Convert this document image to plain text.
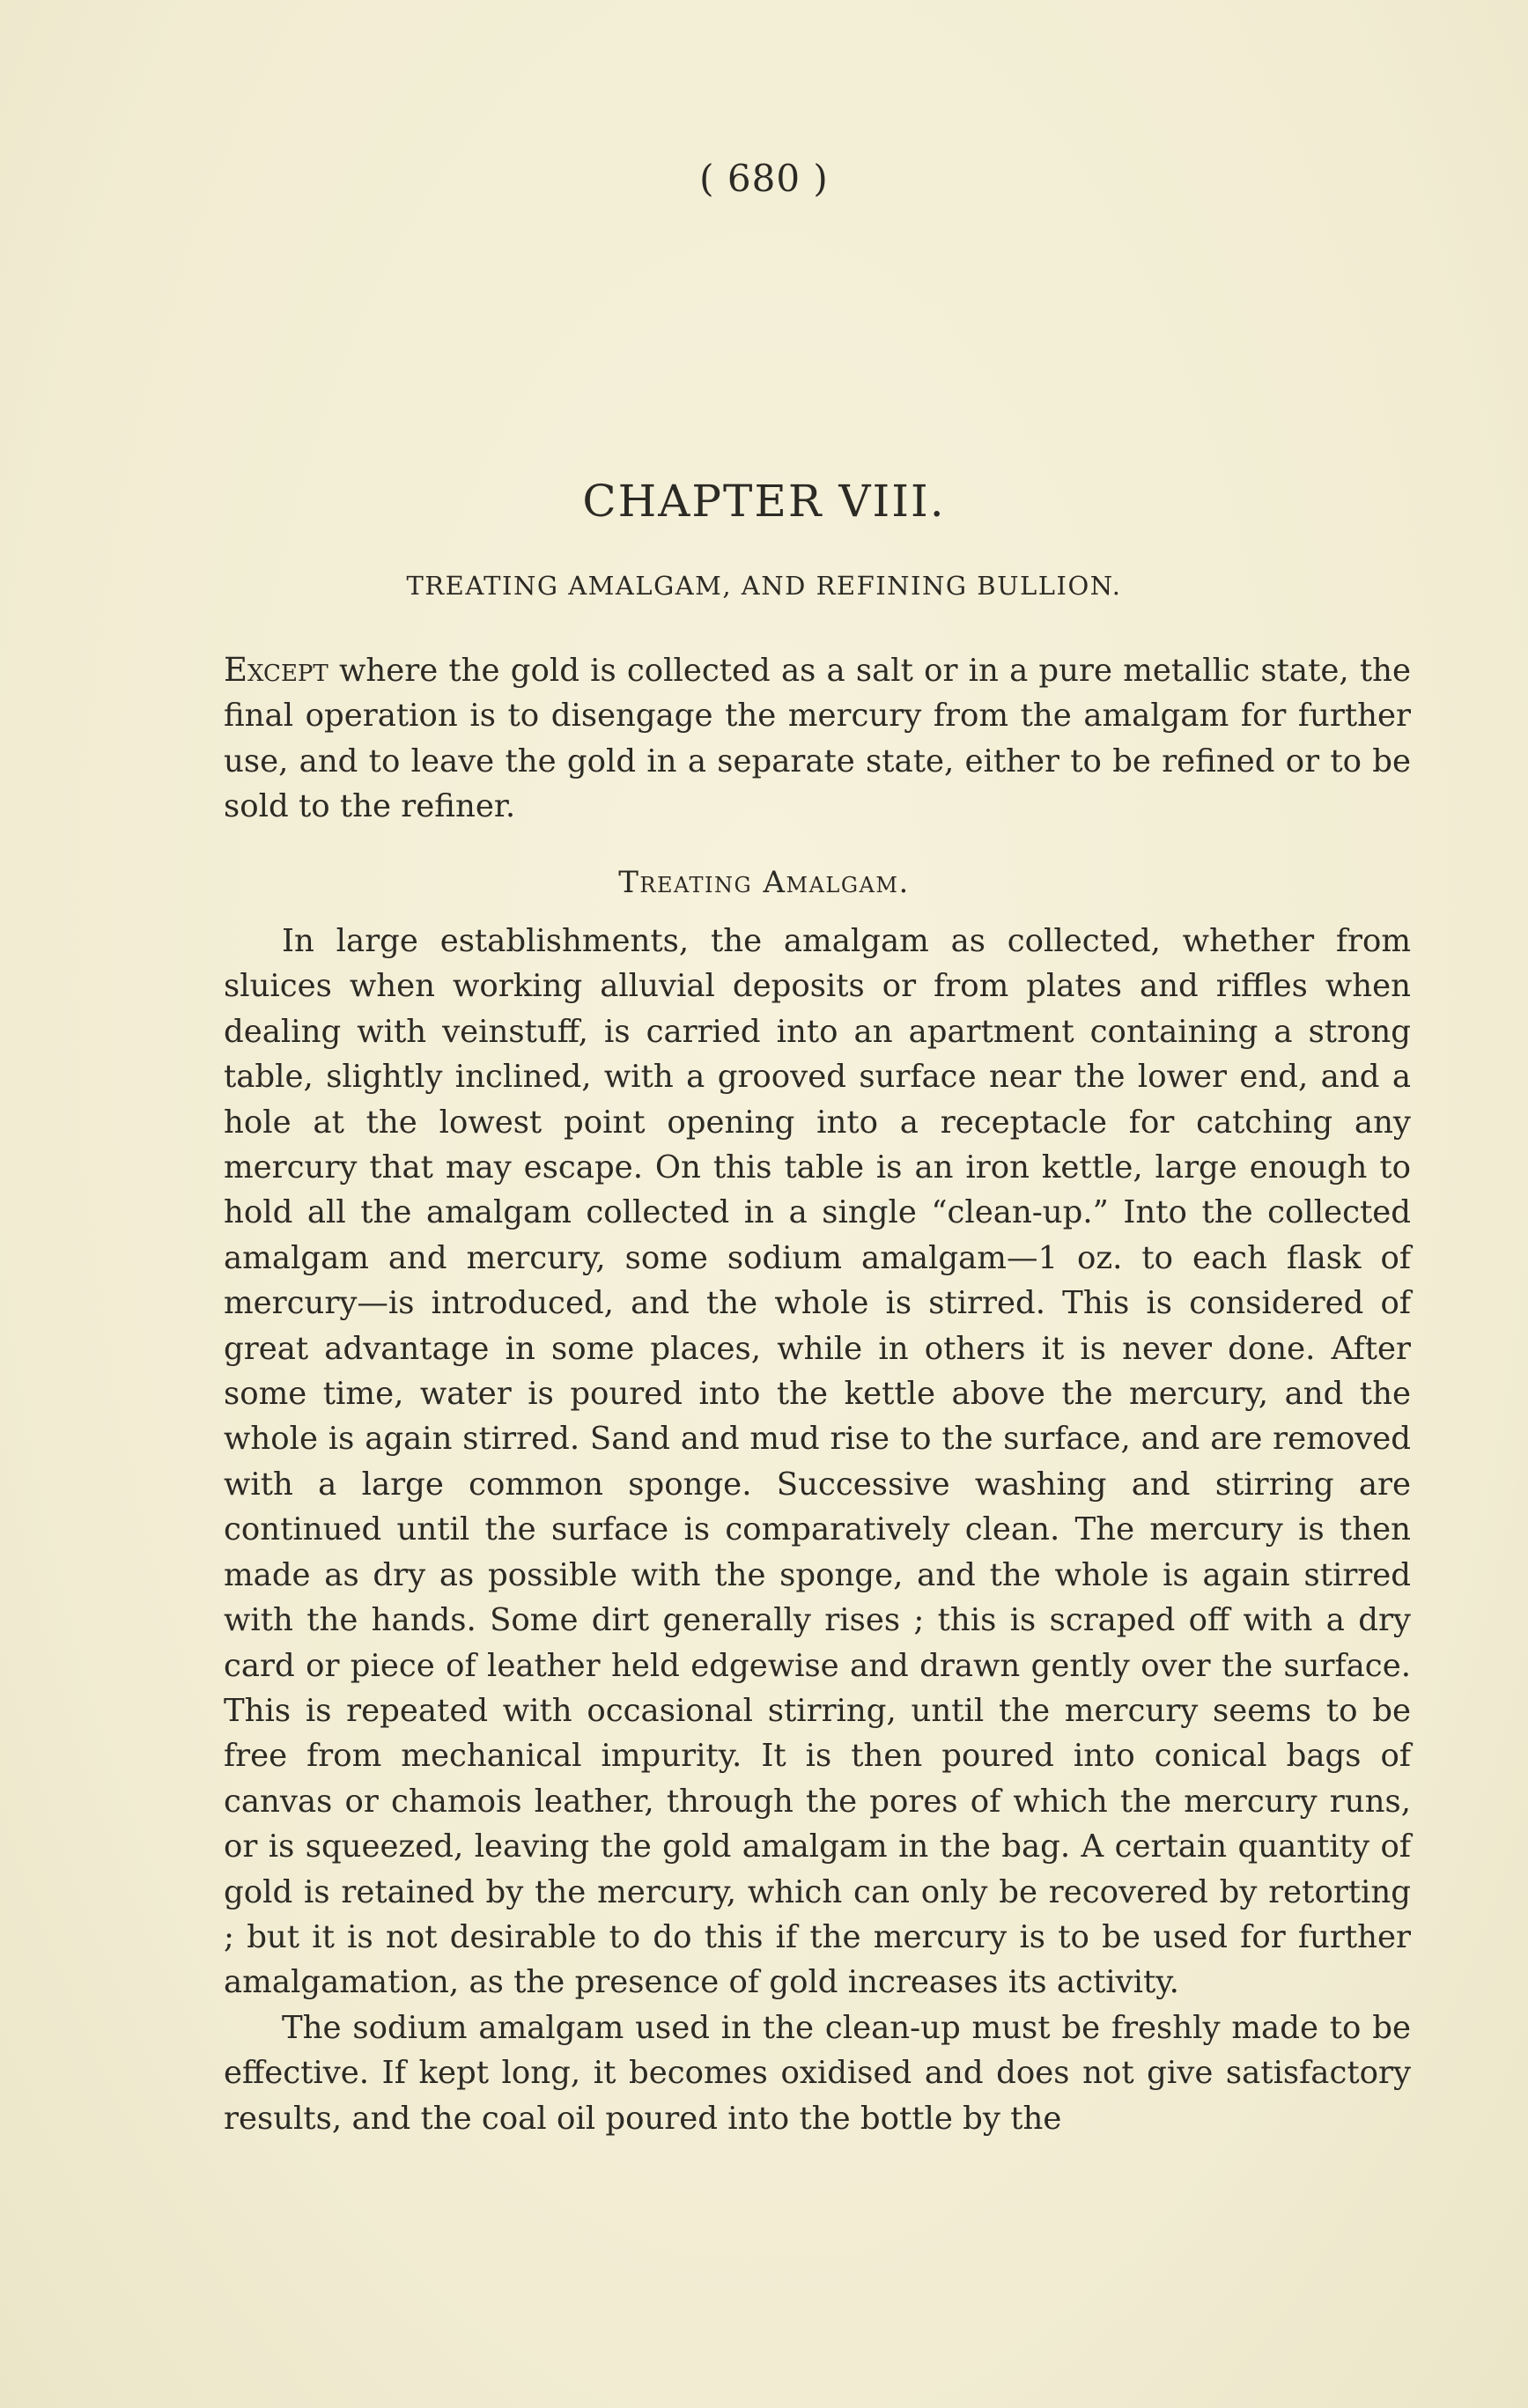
( 680 )
CHAPTER VIII.
TREATING AMALGAM, AND REFINING BULLION.

Except where the gold is collected as a salt or in a pure metallic state, the final operation is to disengage the mercury from the amalgam for further use, and to leave the gold in a separate state, either to be refined or to be sold to the refiner.

Treating Amalgam.

In large establishments, the amalgam as collected, whether from sluices when working alluvial deposits or from plates and riffles when dealing with veinstuff, is carried into an apartment containing a strong table, slightly inclined, with a grooved surface near the lower end, and a hole at the lowest point opening into a receptacle for catching any mercury that may escape. On this table is an iron kettle, large enough to hold all the amalgam collected in a single “clean-up.” Into the collected amalgam and mercury, some sodium amalgam—1 oz. to each flask of mercury—is introduced, and the whole is stirred. This is considered of great advantage in some places, while in others it is never done. After some time, water is poured into the kettle above the mercury, and the whole is again stirred. Sand and mud rise to the surface, and are removed with a large common sponge. Successive washing and stirring are continued until the surface is comparatively clean. The mercury is then made as dry as possible with the sponge, and the whole is again stirred with the hands. Some dirt generally rises ; this is scraped off with a dry card or piece of leather held edgewise and drawn gently over the surface. This is repeated with occasional stirring, until the mercury seems to be free from mechanical impurity. It is then poured into conical bags of canvas or chamois leather, through the pores of which the mercury runs, or is squeezed, leaving the gold amalgam in the bag. A certain quantity of gold is retained by the mercury, which can only be recovered by retorting ; but it is not desirable to do this if the mercury is to be used for further amalgamation, as the presence of gold increases its activity.

The sodium amalgam used in the clean-up must be freshly made to be effective. If kept long, it becomes oxidised and does not give satisfactory results, and the coal oil poured into the bottle by the
